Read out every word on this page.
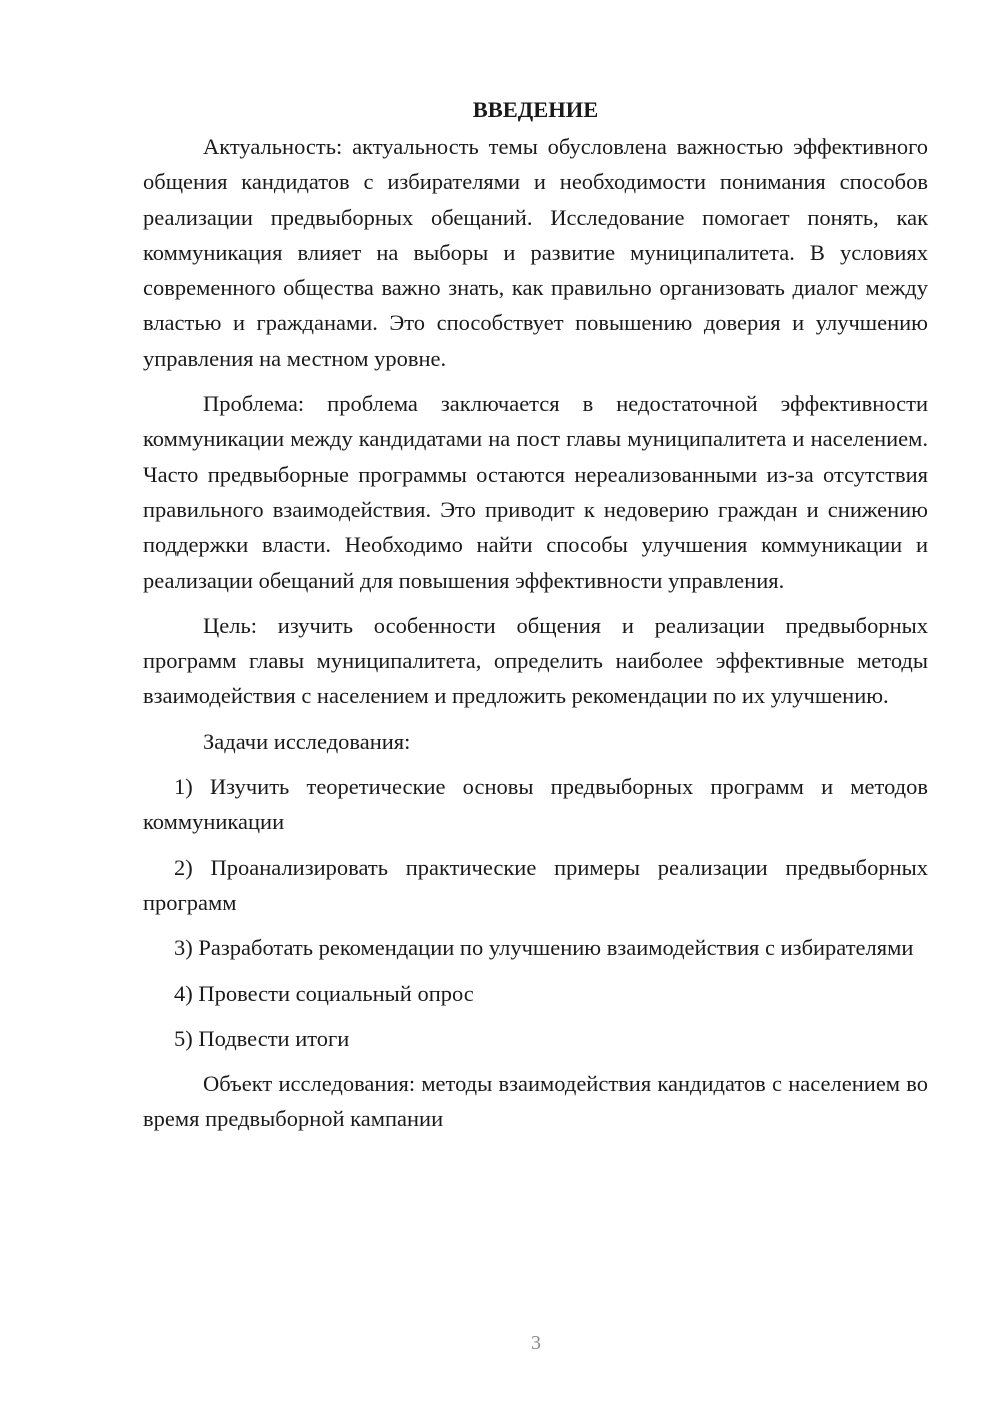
ВВЕДЕНИЕ

Актуальность: актуальность темы обусловлена важностью эффективного общения кандидатов с избирателями и необходимости понимания способов реализации предвыборных обещаний. Исследование помогает понять, как коммуникация влияет на выборы и развитие муниципалитета. В условиях современного общества важно знать, как правильно организовать диалог между властью и гражданами. Это способствует повышению доверия и улучшению управления на местном уровне.

Проблема: проблема заключается в недостаточной эффективности коммуникации между кандидатами на пост главы муниципалитета и населением. Часто предвыборные программы остаются нереализованными из-за отсутствия правильного взаимодействия. Это приводит к недоверию граждан и снижению поддержки власти. Необходимо найти способы улучшения коммуникации и реализации обещаний для повышения эффективности управления.

Цель: изучить особенности общения и реализации предвыборных программ главы муниципалитета, определить наиболее эффективные методы взаимодействия с населением и предложить рекомендации по их улучшению.

Задачи исследования:

1) Изучить теоретические основы предвыборных программ и методов коммуникации

2) Проанализировать практические примеры реализации предвыборных программ

3) Разработать рекомендации по улучшению взаимодействия с избирателями

4) Провести социальный опрос

5) Подвести итоги

Объект исследования: методы взаимодействия кандидатов с населением во время предвыборной кампании

3
